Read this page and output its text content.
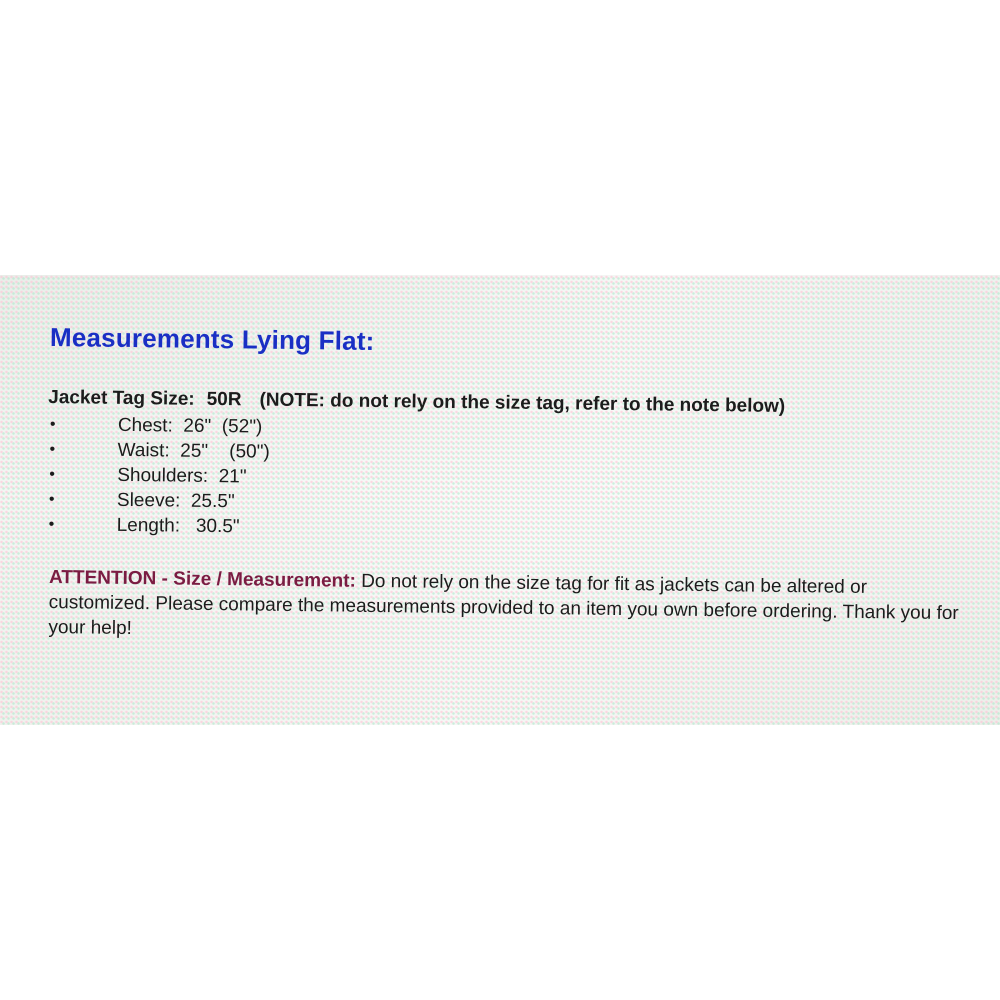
Measurements Lying Flat:
Jacket Tag Size: 50R (NOTE: do not rely on the size tag, refer to the note below)
•	Chest:  26"  (52")
•	Waist:  25"    (50")
•	Shoulders:  21"
•	Sleeve:  25.5"
•	Length:   30.5"

ATTENTION - Size / Measurement: Do not rely on the size tag for fit as jackets can be altered or customized. Please compare the measurements provided to an item you own before ordering. Thank you for your help!
